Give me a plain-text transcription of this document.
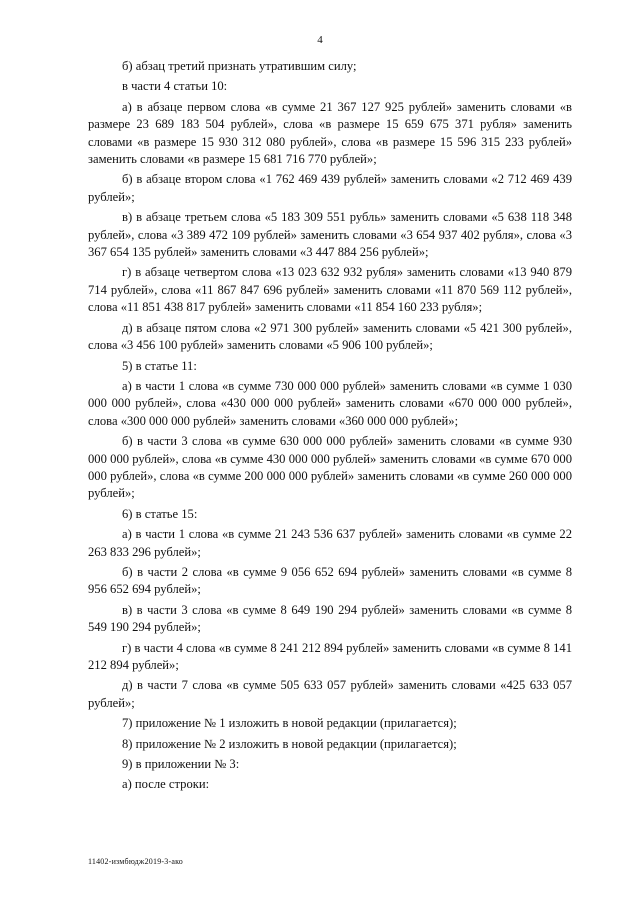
4

б) абзац третий признать утратившим силу;

в части 4 статьи 10:

а) в абзаце первом слова «в сумме 21 367 127 925 рублей» заменить словами «в размере 23 689 183 504 рублей», слова «в размере 15 659 675 371 рубля» заменить словами «в размере 15 930 312 080 рублей», слова «в размере 15 596 315 233 рублей» заменить словами «в размере 15 681 716 770 рублей»;

б) в абзаце втором слова «1 762 469 439 рублей» заменить словами «2 712 469 439 рублей»;

в) в абзаце третьем слова «5 183 309 551 рубль» заменить словами «5 638 118 348 рублей», слова «3 389 472 109 рублей» заменить словами «3 654 937 402 рубля», слова «3 367 654 135 рублей» заменить словами «3 447 884 256 рублей»;

г) в абзаце четвертом слова «13 023 632 932 рубля» заменить словами «13 940 879 714 рублей», слова «11 867 847 696 рублей» заменить словами «11 870 569 112 рублей», слова «11 851 438 817 рублей» заменить словами «11 854 160 233 рубля»;

д) в абзаце пятом слова «2 971 300 рублей» заменить словами «5 421 300 рублей», слова «3 456 100 рублей» заменить словами «5 906 100 рублей»;

5) в статье 11:

а) в части 1 слова «в сумме 730 000 000 рублей» заменить словами «в сумме 1 030 000 000 рублей», слова «430 000 000 рублей» заменить словами «670 000 000 рублей», слова «300 000 000 рублей» заменить словами «360 000 000 рублей»;

б) в части 3 слова «в сумме 630 000 000 рублей» заменить словами «в сумме 930 000 000 рублей», слова «в сумме 430 000 000 рублей» заменить словами «в сумме 670 000 000 рублей», слова «в сумме 200 000 000 рублей» заменить словами «в сумме 260 000 000 рублей»;

6) в статье 15:

а) в части 1 слова «в сумме 21 243 536 637 рублей» заменить словами «в сумме 22 263 833 296 рублей»;

б) в части 2 слова «в сумме 9 056 652 694 рублей» заменить словами «в сумме 8 956 652 694 рублей»;

в) в части 3 слова «в сумме 8 649 190 294 рублей» заменить словами «в сумме 8 549 190 294 рублей»;

г) в части 4 слова «в сумме 8 241 212 894 рублей» заменить словами «в сумме 8 141 212 894 рублей»;

д) в части 7 слова «в сумме 505 633 057 рублей» заменить словами «425 633 057 рублей»;

7) приложение № 1 изложить в новой редакции (прилагается);

8) приложение № 2 изложить в новой редакции (прилагается);

9) в приложении № 3:

а) после строки:

11402-измбюдж2019-3-ако
